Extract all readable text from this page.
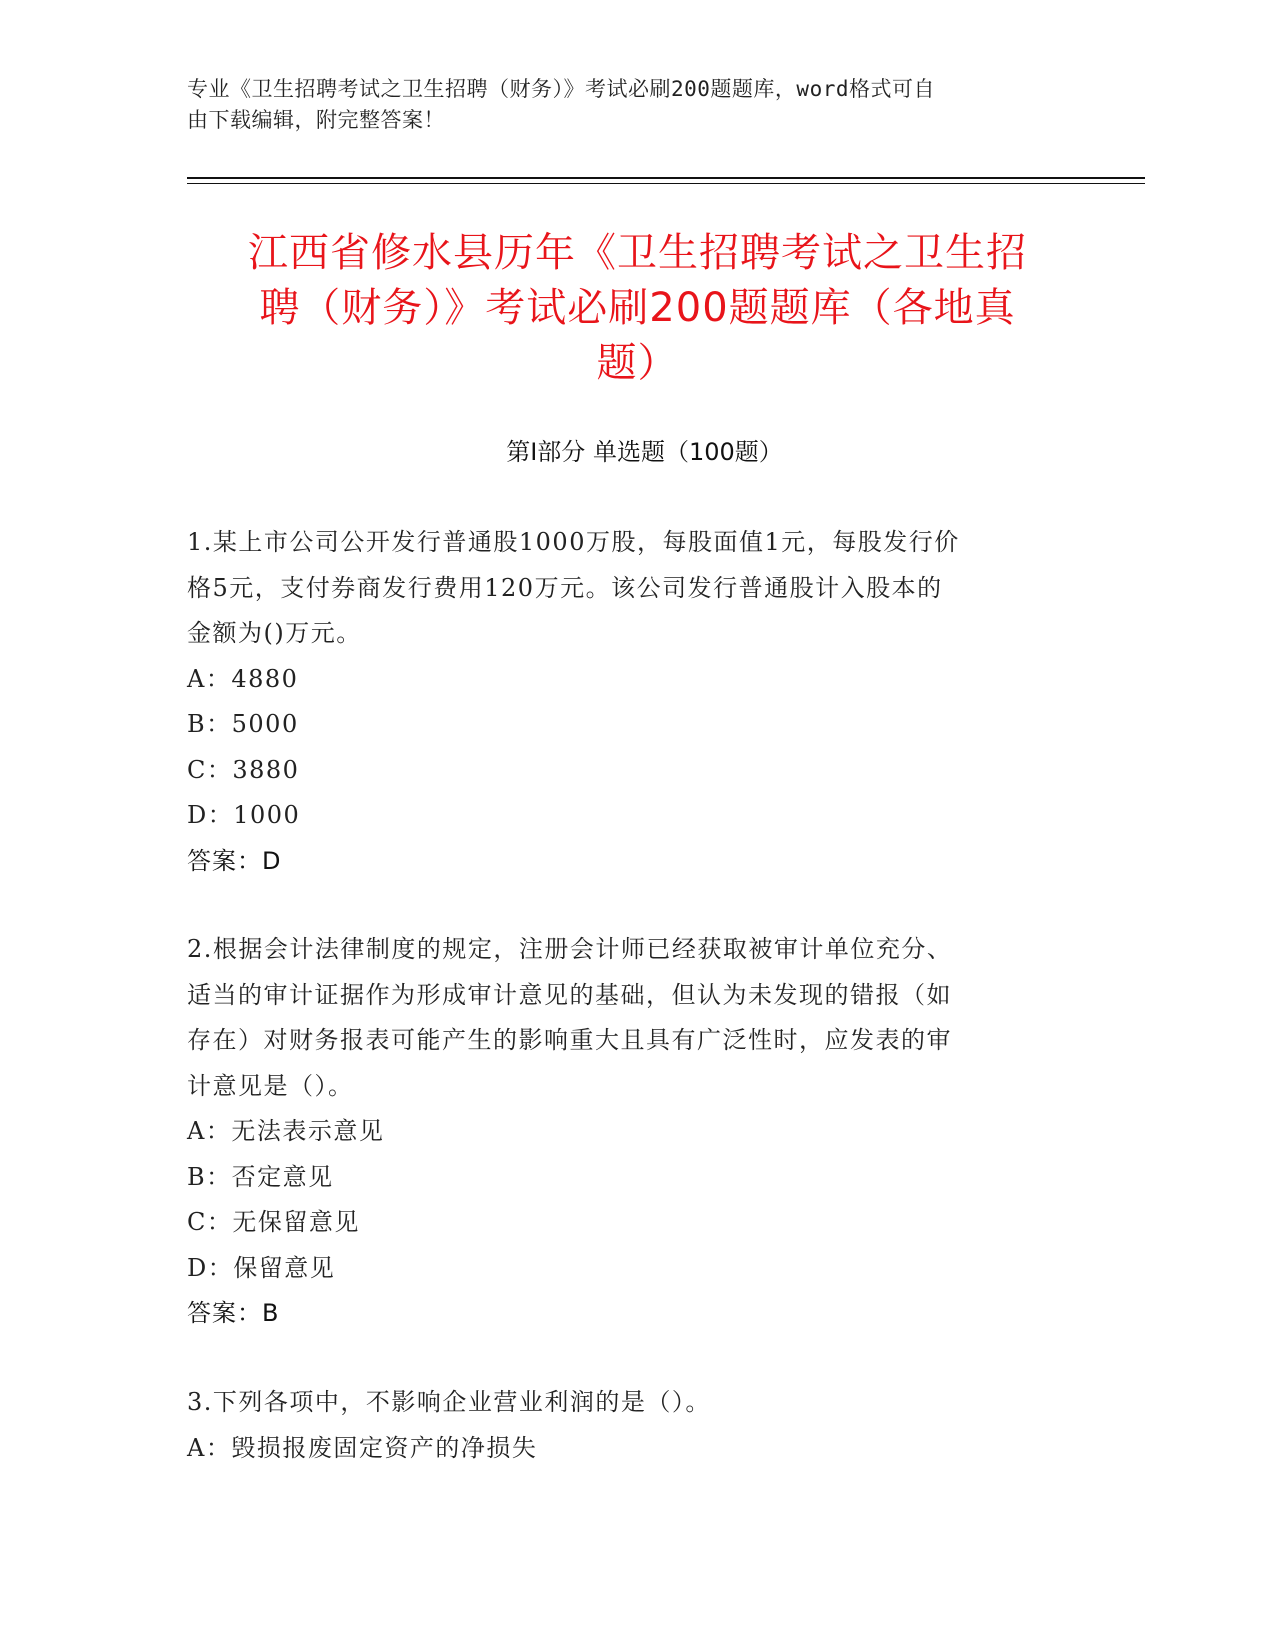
专业《卫生招聘考试之卫生招聘（财务）》考试必刷200题题库，word格式可自
由下载编辑，附完整答案！
江西省修水县历年《卫生招聘考试之卫生招
聘（财务）》考试必刷200题题库（各地真
题）
第Ⅰ部分 单选题（100题）
1.某上市公司公开发行普通股1000万股，每股面值1元，每股发行价
格5元，支付券商发行费用120万元。该公司发行普通股计入股本的
金额为()万元。
A：4880
B：5000
C：3880
D：1000
答案：D
2.根据会计法律制度的规定，注册会计师已经获取被审计单位充分、
适当的审计证据作为形成审计意见的基础，但认为未发现的错报（如
存在）对财务报表可能产生的影响重大且具有广泛性时，应发表的审
计意见是（）。
A：无法表示意见
B：否定意见
C：无保留意见
D：保留意见
答案：B
3.下列各项中，不影响企业营业利润的是（）。
A：毁损报废固定资产的净损失
